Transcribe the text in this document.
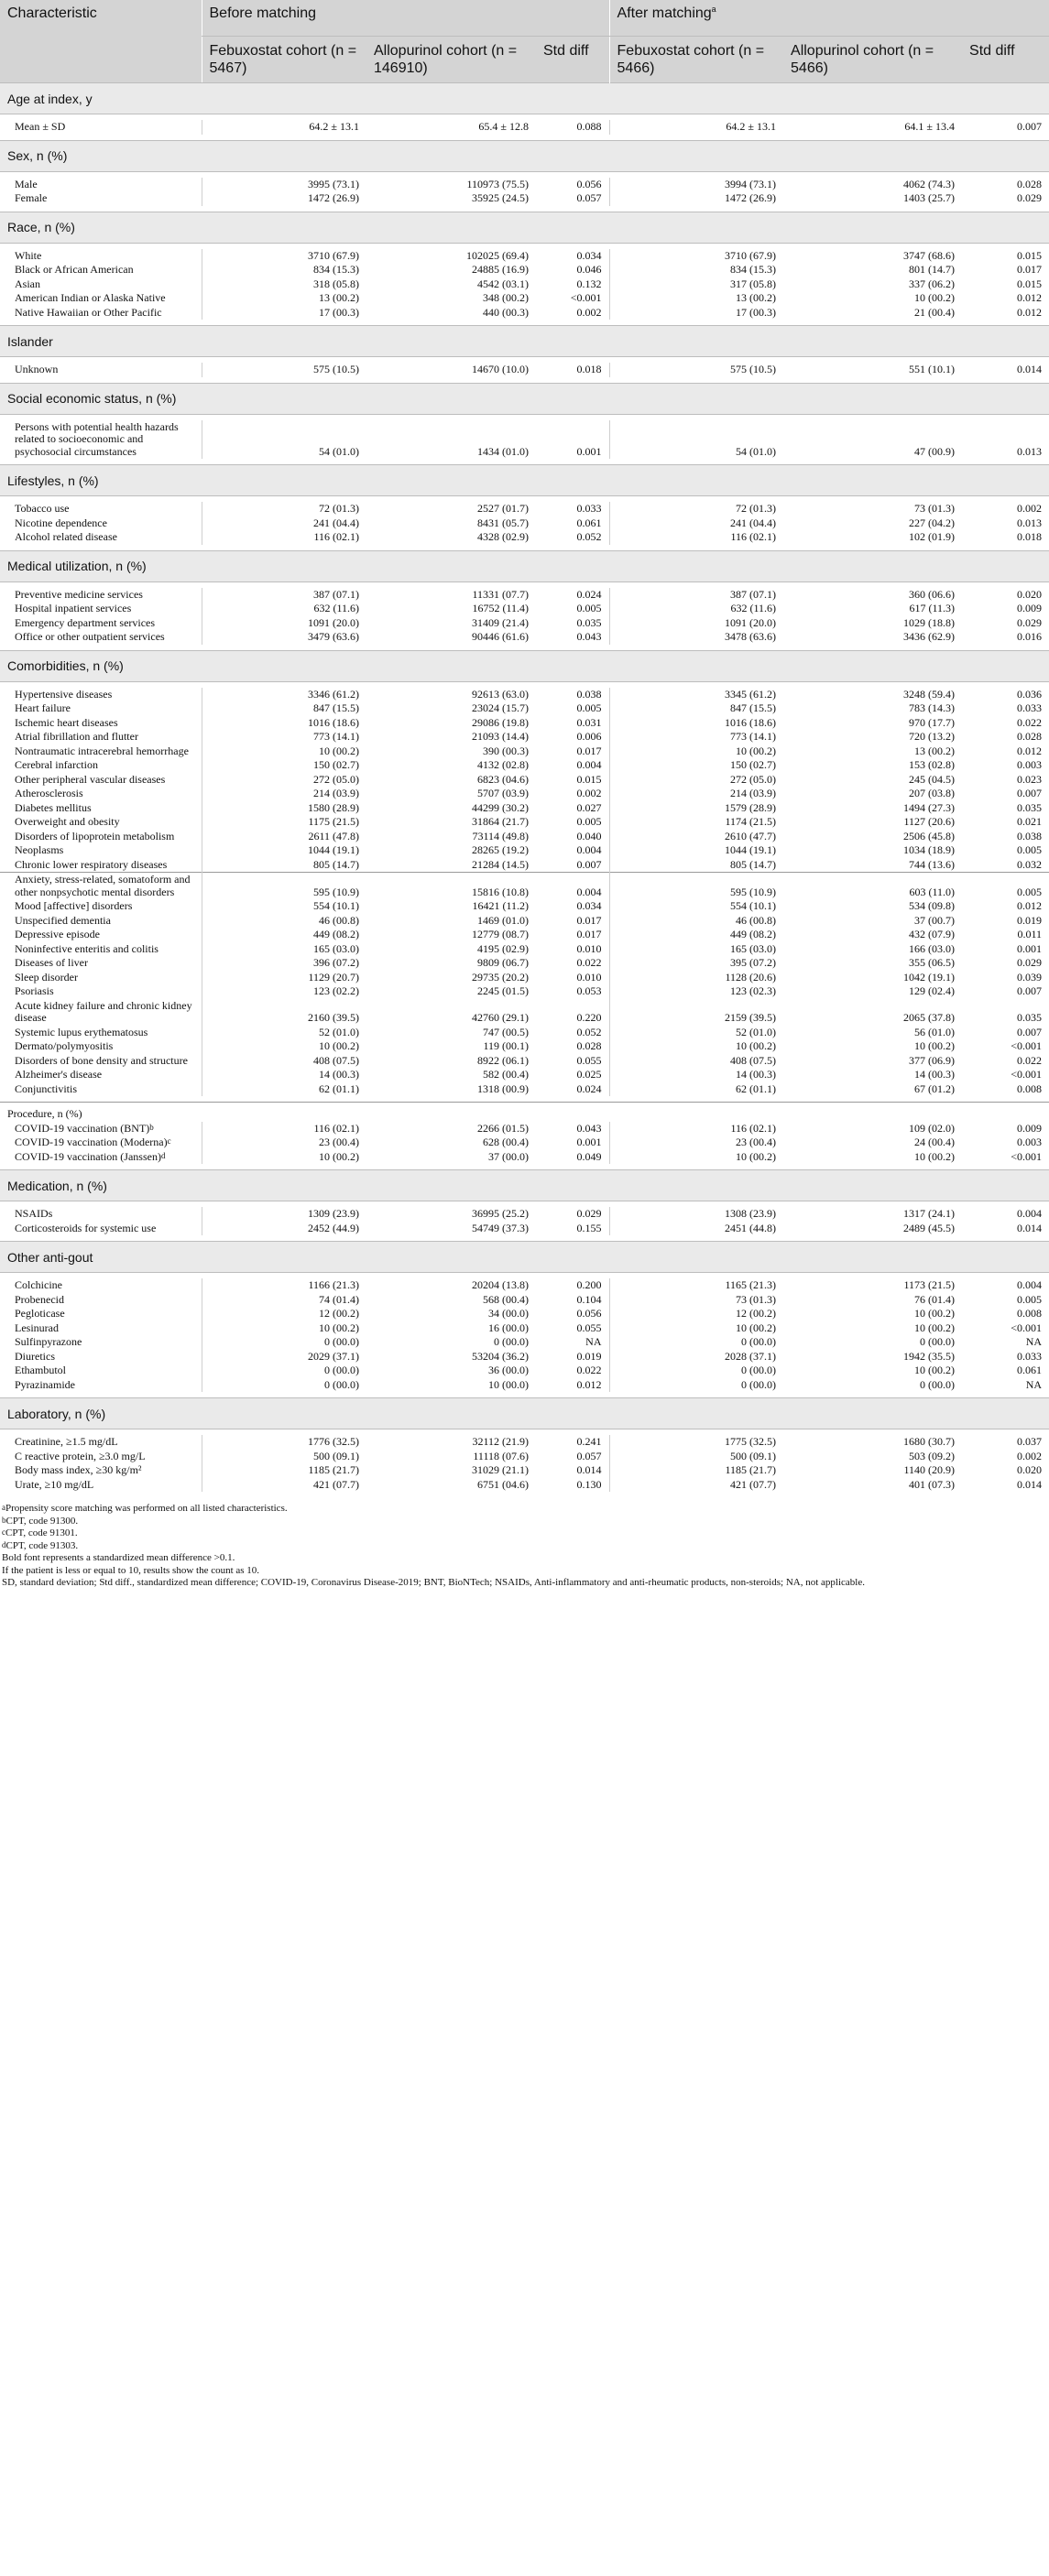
Characteristic	Before matching			After matching$^a$
	Febuxostat cohort (n = 5467)	Allopurinol cohort (n = 146910)	Std diff	Febuxostat cohort (n = 5466)	Allopurinol cohort (n = 5466)	Std diff
Age at index, y						

Mean ± SD	64.2 ± 13.1	65.4 ± 12.8	0.088	64.2 ± 13.1	64.1 ± 13.4	0.007

Sex, n (%)						

Male	3995 (73.1)	110973 (75.5)	0.056	3994 (73.1)	4062 (74.3)	0.028
Female	1472 (26.9)	35925 (24.5)	0.057	1472 (26.9)	1403 (25.7)	0.029

Race, n (%)						

White	3710 (67.9)	102025 (69.4)	0.034	3710 (67.9)	3747 (68.6)	0.015
Black or African American	834 (15.3)	24885 (16.9)	0.046	834 (15.3)	801 (14.7)	0.017
Asian	318 (05.8)	4542 (03.1)	0.132	317 (05.8)	337 (06.2)	0.015
American Indian or Alaska Native	13 (00.2)	348 (00.2)	<0.001	13 (00.2)	10 (00.2)	0.012
Native Hawaiian or Other Pacific	17 (00.3)	440 (00.3)	0.002	17 (00.3)	21 (00.4)	0.012

Islander						

Unknown	575 (10.5)	14670 (10.0)	0.018	575 (10.5)	551 (10.1)	0.014

Social economic status, n (%)						

Persons with potential health hazards related to socioeconomic and psychosocial circumstances	54 (01.0)	1434 (01.0)	0.001	54 (01.0)	47 (00.9)	0.013

Lifestyles, n (%)						

Tobacco use	72 (01.3)	2527 (01.7)	0.033	72 (01.3)	73 (01.3)	0.002
Nicotine dependence	241 (04.4)	8431 (05.7)	0.061	241 (04.4)	227 (04.2)	0.013
Alcohol related disease	116 (02.1)	4328 (02.9)	0.052	116 (02.1)	102 (01.9)	0.018

Medical utilization, n (%)						

Preventive medicine services	387 (07.1)	11331 (07.7)	0.024	387 (07.1)	360 (06.6)	0.020
Hospital inpatient services	632 (11.6)	16752 (11.4)	0.005	632 (11.6)	617 (11.3)	0.009
Emergency department services	1091 (20.0)	31409 (21.4)	0.035	1091 (20.0)	1029 (18.8)	0.029
Office or other outpatient services	3479 (63.6)	90446 (61.6)	0.043	3478 (63.6)	3436 (62.9)	0.016

Comorbidities, n (%)						

Hypertensive diseases	3346 (61.2)	92613 (63.0)	0.038	3345 (61.2)	3248 (59.4)	0.036
Heart failure	847 (15.5)	23024 (15.7)	0.005	847 (15.5)	783 (14.3)	0.033
Ischemic heart diseases	1016 (18.6)	29086 (19.8)	0.031	1016 (18.6)	970 (17.7)	0.022
Atrial fibrillation and flutter	773 (14.1)	21093 (14.4)	0.006	773 (14.1)	720 (13.2)	0.028
Nontraumatic intracerebral hemorrhage	10 (00.2)	390 (00.3)	0.017	10 (00.2)	13 (00.2)	0.012
Cerebral infarction	150 (02.7)	4132 (02.8)	0.004	150 (02.7)	153 (02.8)	0.003
Other peripheral vascular diseases	272 (05.0)	6823 (04.6)	0.015	272 (05.0)	245 (04.5)	0.023
Atherosclerosis	214 (03.9)	5707 (03.9)	0.002	214 (03.9)	207 (03.8)	0.007
Diabetes mellitus	1580 (28.9)	44299 (30.2)	0.027	1579 (28.9)	1494 (27.3)	0.035
Overweight and obesity	1175 (21.5)	31864 (21.7)	0.005	1174 (21.5)	1127 (20.6)	0.021
Disorders of lipoprotein metabolism	2611 (47.8)	73114 (49.8)	0.040	2610 (47.7)	2506 (45.8)	0.038
Neoplasms	1044 (19.1)	28265 (19.2)	0.004	1044 (19.1)	1034 (18.9)	0.005
Chronic lower respiratory diseases	805 (14.7)	21284 (14.5)	0.007	805 (14.7)	744 (13.6)	0.032
Anxiety, stress-related, somatoform and other nonpsychotic mental disorders	595 (10.9)	15816 (10.8)	0.004	595 (10.9)	603 (11.0)	0.005
Mood [affective] disorders	554 (10.1)	16421 (11.2)	0.034	554 (10.1)	534 (09.8)	0.012
Unspecified dementia	46 (00.8)	1469 (01.0)	0.017	46 (00.8)	37 (00.7)	0.019
Depressive episode	449 (08.2)	12779 (08.7)	0.017	449 (08.2)	432 (07.9)	0.011
Noninfective enteritis and colitis	165 (03.0)	4195 (02.9)	0.010	165 (03.0)	166 (03.0)	0.001
Diseases of liver	396 (07.2)	9809 (06.7)	0.022	395 (07.2)	355 (06.5)	0.029
Sleep disorder	1129 (20.7)	29735 (20.2)	0.010	1128 (20.6)	1042 (19.1)	0.039
Psoriasis	123 (02.2)	2245 (01.5)	0.053	123 (02.3)	129 (02.4)	0.007
Acute kidney failure and chronic kidney disease	2160 (39.5)	42760 (29.1)	0.220	2159 (39.5)	2065 (37.8)	0.035
Systemic lupus erythematosus	52 (01.0)	747 (00.5)	0.052	52 (01.0)	56 (01.0)	0.007
Dermato/polymyositis	10 (00.2)	119 (00.1)	0.028	10 (00.2)	10 (00.2)	<0.001
Disorders of bone density and structure	408 (07.5)	8922 (06.1)	0.055	408 (07.5)	377 (06.9)	0.022
Alzheimer's disease	14 (00.3)	582 (00.4)	0.025	14 (00.3)	14 (00.3)	<0.001
Conjunctivitis	62 (01.1)	1318 (00.9)	0.024	62 (01.1)	67 (01.2)	0.008

Procedure, n (%)						
COVID-19 vaccination (BNT)$^b$	116 (02.1)	2266 (01.5)	0.043	116 (02.1)	109 (02.0)	0.009
COVID-19 vaccination (Moderna)$^c$	23 (00.4)	628 (00.4)	0.001	23 (00.4)	24 (00.4)	0.003
COVID-19 vaccination (Janssen)$^d$	10 (00.2)	37 (00.0)	0.049	10 (00.2)	10 (00.2)	<0.001

Medication, n (%)						

NSAIDs	1309 (23.9)	36995 (25.2)	0.029	1308 (23.9)	1317 (24.1)	0.004
Corticosteroids for systemic use	2452 (44.9)	54749 (37.3)	0.155	2451 (44.8)	2489 (45.5)	0.014

Other anti-gout						

Colchicine	1166 (21.3)	20204 (13.8)	0.200	1165 (21.3)	1173 (21.5)	0.004
Probenecid	74 (01.4)	568 (00.4)	0.104	73 (01.3)	76 (01.4)	0.005
Pegloticase	12 (00.2)	34 (00.0)	0.056	12 (00.2)	10 (00.2)	0.008
Lesinurad	10 (00.2)	16 (00.0)	0.055	10 (00.2)	10 (00.2)	<0.001
Sulfinpyrazone	0 (00.0)	0 (00.0)	NA	0 (00.0)	0 (00.0)	NA
Diuretics	2029 (37.1)	53204 (36.2)	0.019	2028 (37.1)	1942 (35.5)	0.033
Ethambutol	0 (00.0)	36 (00.0)	0.022	0 (00.0)	10 (00.2)	0.061
Pyrazinamide	0 (00.0)	10 (00.0)	0.012	0 (00.0)	0 (00.0)	NA

Laboratory, n (%)						

Creatinine, ≥1.5 mg/dL	1776 (32.5)	32112 (21.9)	0.241	1775 (32.5)	1680 (30.7)	0.037
C reactive protein, ≥3.0 mg/L	500 (09.1)	11118 (07.6)	0.057	500 (09.1)	503 (09.2)	0.002
Body mass index, ≥30 kg/m²	1185 (21.7)	31029 (21.1)	0.014	1185 (21.7)	1140 (20.9)	0.020
Urate, ≥10 mg/dL	421 (07.7)	6751 (04.6)	0.130	421 (07.7)	401 (07.3)	0.014

$^a$Propensity score matching was performed on all listed characteristics.
$^b$CPT, code 91300.
$^c$CPT, code 91301.
$^d$CPT, code 91303.
Bold font represents a standardized mean difference >0.1.
If the patient is less or equal to 10, results show the count as 10.
SD, standard deviation; Std diff., standardized mean difference; COVID-19, Coronavirus Disease-2019; BNT, BioNTech; NSAIDs, Anti-inflammatory and anti-rheumatic products, non-steroids; NA, not applicable.
